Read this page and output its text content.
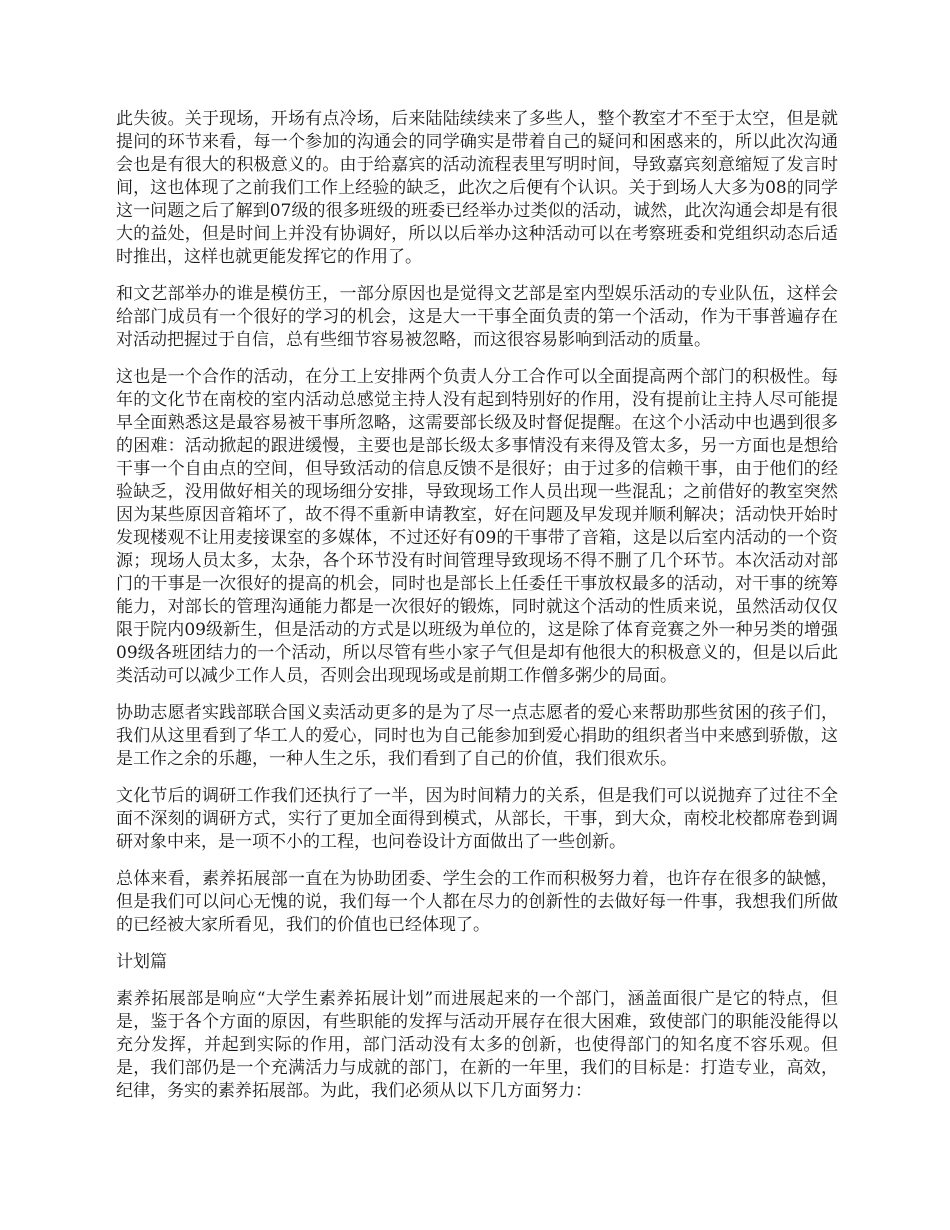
此失彼。关于现场，开场有点冷场，后来陆陆续续来了多些人，整个教室才不至于太空，但是就提问的环节来看，每一个参加的沟通会的同学确实是带着自己的疑问和困惑来的，所以此次沟通会也是有很大的积极意义的。由于给嘉宾的活动流程表里写明时间，导致嘉宾刻意缩短了发言时间，这也体现了之前我们工作上经验的缺乏，此次之后便有个认识。关于到场人大多为08的同学这一问题之后了解到07级的很多班级的班委已经举办过类似的活动，诚然，此次沟通会却是有很大的益处，但是时间上并没有协调好，所以以后举办这种活动可以在考察班委和党组织动态后适时推出，这样也就更能发挥它的作用了。

和文艺部举办的谁是模仿王，一部分原因也是觉得文艺部是室内型娱乐活动的专业队伍，这样会给部门成员有一个很好的学习的机会，这是大一干事全面负责的第一个活动，作为干事普遍存在对活动把握过于自信，总有些细节容易被忽略，而这很容易影响到活动的质量。

这也是一个合作的活动，在分工上安排两个负责人分工合作可以全面提高两个部门的积极性。每年的文化节在南校的室内活动总感觉主持人没有起到特别好的作用，没有提前让主持人尽可能提早全面熟悉这是最容易被干事所忽略，这需要部长级及时督促提醒。在这个小活动中也遇到很多的困难：活动掀起的跟进缓慢，主要也是部长级太多事情没有来得及管太多，另一方面也是想给干事一个自由点的空间，但导致活动的信息反馈不是很好；由于过多的信赖干事，由于他们的经验缺乏，没用做好相关的现场细分安排，导致现场工作人员出现一些混乱；之前借好的教室突然因为某些原因音箱坏了，故不得不重新申请教室，好在问题及早发现并顺利解决；活动快开始时发现楼观不让用麦接课室的多媒体，不过还好有09的干事带了音箱，这是以后室内活动的一个资源；现场人员太多，太杂，各个环节没有时间管理导致现场不得不删了几个环节。本次活动对部门的干事是一次很好的提高的机会，同时也是部长上任委任干事放权最多的活动，对干事的统筹能力，对部长的管理沟通能力都是一次很好的锻炼，同时就这个活动的性质来说，虽然活动仅仅限于院内09级新生，但是活动的方式是以班级为单位的，这是除了体育竞赛之外一种另类的增强09级各班团结力的一个活动，所以尽管有些小家子气但是却有他很大的积极意义的，但是以后此类活动可以减少工作人员，否则会出现现场或是前期工作僧多粥少的局面。

协助志愿者实践部联合国义卖活动更多的是为了尽一点志愿者的爱心来帮助那些贫困的孩子们，我们从这里看到了华工人的爱心，同时也为自己能参加到爱心捐助的组织者当中来感到骄傲，这是工作之余的乐趣，一种人生之乐，我们看到了自己的价值，我们很欢乐。

文化节后的调研工作我们还执行了一半，因为时间精力的关系，但是我们可以说抛弃了过往不全面不深刻的调研方式，实行了更加全面得到模式，从部长，干事，到大众，南校北校都席卷到调研对象中来，是一项不小的工程，也问卷设计方面做出了一些创新。

总体来看，素养拓展部一直在为协助团委、学生会的工作而积极努力着，也许存在很多的缺憾，但是我们可以问心无愧的说，我们每一个人都在尽力的创新性的去做好每一件事，我想我们所做的已经被大家所看见，我们的价值也已经体现了。

计划篇

素养拓展部是响应“大学生素养拓展计划”而进展起来的一个部门，涵盖面很广是它的特点，但是，鉴于各个方面的原因，有些职能的发挥与活动开展存在很大困难，致使部门的职能没能得以充分发挥，并起到实际的作用，部门活动没有太多的创新，也使得部门的知名度不容乐观。但是，我们部仍是一个充满活力与成就的部门，在新的一年里，我们的目标是：打造专业，高效，纪律，务实的素养拓展部。为此，我们必须从以下几方面努力：
